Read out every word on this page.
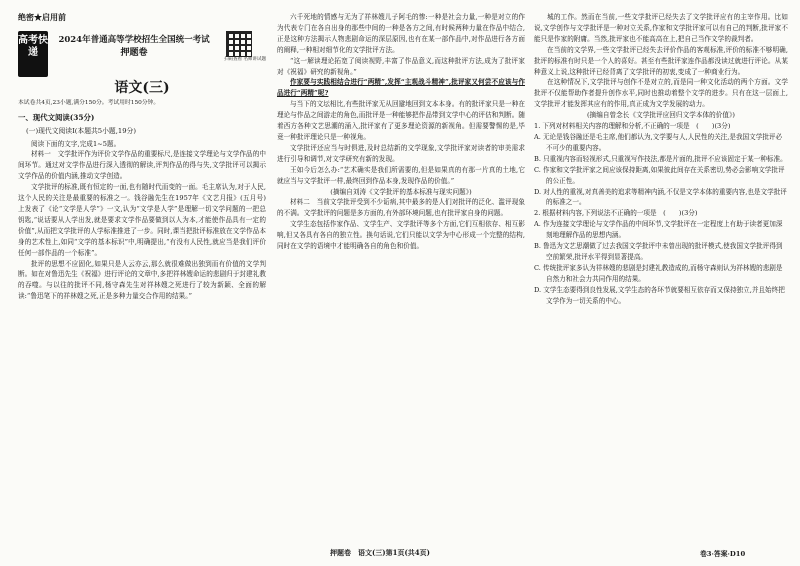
绝密★启用前

高考快递

2024年普通高等学校招生全国统一考试

押题卷

扫码查看 名师讲试题
语文(三)

本试卷共4页,23小题,满分150分。考试用时150分钟。

一、现代文阅读(35分)

(一)现代文阅读Ⅰ(本题共5小题,19分)

阅读下面的文字,完成1~5题。

材料一　文学批评作为评价文学作品的重要标尺,是连接文学理论与文学作品的中间环节。通过对文学作品进行深入透彻的解读,评判作品的得与失,文学批评可以揭示文学作品的价值内涵,推动文学创造。

文学批评的标准,既有恒定的一面,也有随时代而变的一面。毛主席认为,对于人民,这个人民的关注是最重要的标准之一。钱谷融先生在1957年《文艺月报》(五月号)上发表了《论“文学是人学”》一文,认为“文学是人学”是理解一切文学问题的一把总钥匙,“说话要从人学出发,就是要求文学作品要做到以人为本,才能使作品具有一定的价值”,从而把文学批评的人学标准推进了一步。同时,课当把批评标准放在文学作品本身的艺术性上,如同“文学的基本标识”中,明确提出,“有没有人民性,就应当是我们评价任何一部作品的一个标准”。

批评的思想不应固化,如果只是人云亦云,那么就很难做出独到而有价值的文学判断。如在对鲁迅先生《祝福》进行评论的文章中,多把祥林嫂命运的悲剧归于封建礼教的吞噬。与以往的批评不同,杨守森先生对祥林嫂之死进行了较为新颖、全面的解读:“鲁迅笔下的祥林嫂之死,正是多种力量交合作用的结果。”

六千死地的情感与无为了祥林嫂儿子阿毛的惨:一种是社会力量,一种是对立的作为代表专门在各自出身的那些中间的一种是各方之间,有时候两种力量在作品中结合,正是这种方法揭示人物悲剧命运的深层原因,也有在某一部作品中,对作品进行各方面的阐释,一种相对细节化的文学批评方法。

“这一解读理论拓宽了阅读视野,丰富了作品意义,而这种批评方法,成为了批评家对《祝福》研究的新视角。”

作家要与实践相结合进行“两精”,发挥“主观战斗精神”,批评家又何尝不应该与作品进行“两精”呢?

与当下的文坛相比,有些批评家无从回避地回到文本本身。有的批评家只是一种在理论与作品之间游走的角色,而批评是一种能够把作品带到文学中心的评估和判断。随着西方各种文艺思潮的涌入,批评家有了更多理论资源的新视角。但需要警惕的是,毕竟一种批评理论只是一种视角。

文学批评还应当与时俱进,及时总结新的文学现象,文学批评家对读者的审美需求进行引导和调节,对文学研究有新的发现。

王如今后怎么办:“艺术确实是我们所需要的,但是如果真的有那一片真的土地,它就应当与文学批评一样,最终回到作品本身,发现作品的价值。”

(摘编自刘涛《文学批评的基本标准与现实问题》)

材料二　当前文学批评受到不少诟病,其中最多的是人们对批评的泛化、滥评现象的不满。文学批评的问题是多方面的,有外部环境问题,也有批评家自身的问题。

文学生态包括作家作品、文学生产、文学批评等多个方面,它们互相依存、相互影响,但又各具有各自的独立性。换句话说,它们只能以文学为中心形成一个完整的结构,同时在文学的语境中才能明确各自的角色和价值。

城的工作。然而在当前,一些文学批评已经失去了文学批评应有的主宰作用。比如说,文学创作与文学批评是一种对立关系,作家和文学批评家可以有自己的判断,批评家不能只是作家的附庸。当然,批评家也不能高高在上,把自己当作文学的裁判者。

在当前的文学界,一些文学批评已经失去评价作品的客观标准,评价的标准不够明确,批评的标准有时只是一个人的喜好。甚至有些批评家连作品都没读过就进行评论。从某种意义上说,这种批评已经背离了文学批评的初衷,变成了一种商业行为。

在这种情况下,文学批评与创作不是对立的,而是同一种文化活动的两个方面。文学批评不仅能帮助作者提升创作水平,同时也推动着整个文学的进步。只有在这一层面上,文学批评才能发挥其应有的作用,真正成为文学发展的动力。

(摘编自曾念长《文学批评应回归文学本体的价值》)

1. 下列对材料相关内容的理解和分析,不正确的一项是　(　　)(3分)

A. 无论是钱谷融还是毛主席,他们都认为,文学要与人,人民性的关注,是我国文学批评必不可少的重要内容。

B. 只重视内容而轻视形式,只重视写作技法,都是片面的,批评不应该固定于某一种标准。

C. 作家和文学批评家之间应该保持距离,如果彼此间存在关系密切,势必会影响文学批评的公正性。

D. 对人性的重视,对真善美的追求等精神内涵,不仅是文学本体的重要内容,也是文学批评的标准之一。

2. 根据材料内容,下列说法不正确的一项是　(　　)(3分)

A. 作为连接文学理论与文学作品的中间环节,文学批评在一定程度上有助于读者更加深刻地理解作品的思想内涵。

B. 鲁迅为文艺思潮做了过去我国文学批评中未曾出现的批评模式,使我国文学批评得到空前繁荣,批评水平得到显著提高。

C. 传统批评家多认为祥林嫂的悲剧是封建礼教造成的,而杨守森则认为祥林嫂的悲剧是自然力和社会力共同作用的结果。

D. 文学生态要得到良性发展,文学生态的各环节就要相互依存而又保持独立,并且始终把文学作为一切关系的中心。

押题卷　语文(三)第1页(共4页)	卷3·答案·D10
